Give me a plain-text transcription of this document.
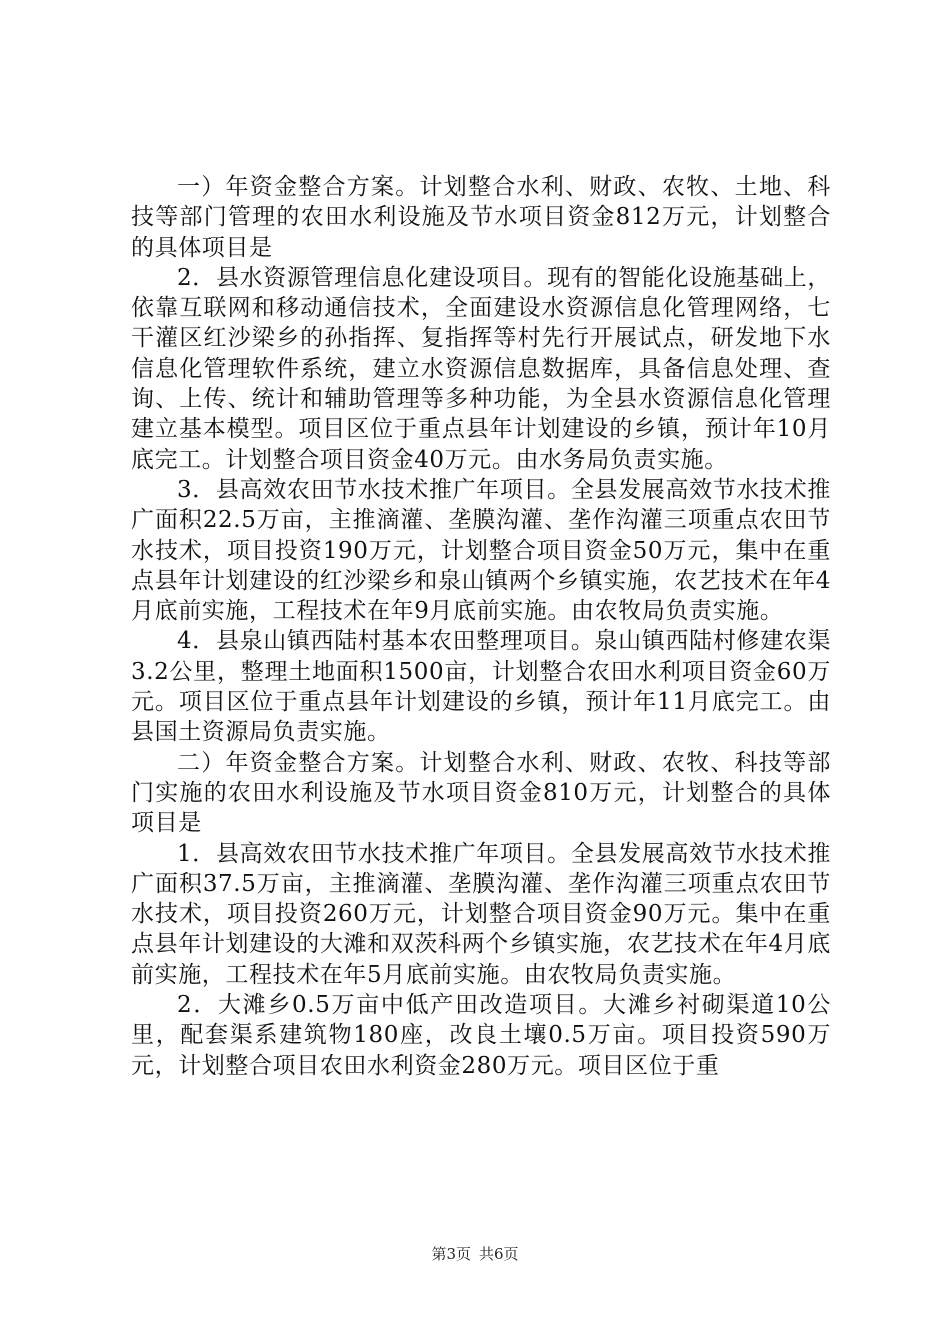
一）年资金整合方案。计划整合水利、财政、农牧、土地、科技等部门管理的农田水利设施及节水项目资金812万元，计划整合的具体项目是

2．县水资源管理信息化建设项目。现有的智能化设施基础上，依靠互联网和移动通信技术，全面建设水资源信息化管理网络，七干灌区红沙梁乡的孙指挥、复指挥等村先行开展试点，研发地下水信息化管理软件系统，建立水资源信息数据库，具备信息处理、查询、上传、统计和辅助管理等多种功能，为全县水资源信息化管理建立基本模型。项目区位于重点县年计划建设的乡镇，预计年10月底完工。计划整合项目资金40万元。由水务局负责实施。

3．县高效农田节水技术推广年项目。全县发展高效节水技术推广面积22.5万亩，主推滴灌、垄膜沟灌、垄作沟灌三项重点农田节水技术，项目投资190万元，计划整合项目资金50万元，集中在重点县年计划建设的红沙梁乡和泉山镇两个乡镇实施，农艺技术在年4月底前实施，工程技术在年9月底前实施。由农牧局负责实施。

4．县泉山镇西陆村基本农田整理项目。泉山镇西陆村修建农渠3.2公里，整理土地面积1500亩，计划整合农田水利项目资金60万元。项目区位于重点县年计划建设的乡镇，预计年11月底完工。由县国土资源局负责实施。

二）年资金整合方案。计划整合水利、财政、农牧、科技等部门实施的农田水利设施及节水项目资金810万元，计划整合的具体项目是

1．县高效农田节水技术推广年项目。全县发展高效节水技术推广面积37.5万亩，主推滴灌、垄膜沟灌、垄作沟灌三项重点农田节水技术，项目投资260万元，计划整合项目资金90万元。集中在重点县年计划建设的大滩和双茨科两个乡镇实施，农艺技术在年4月底前实施，工程技术在年5月底前实施。由农牧局负责实施。

2．大滩乡0.5万亩中低产田改造项目。大滩乡衬砌渠道10公里，配套渠系建筑物180座，改良土壤0.5万亩。项目投资590万元，计划整合项目农田水利资金280万元。项目区位于重

第3页 共6页
